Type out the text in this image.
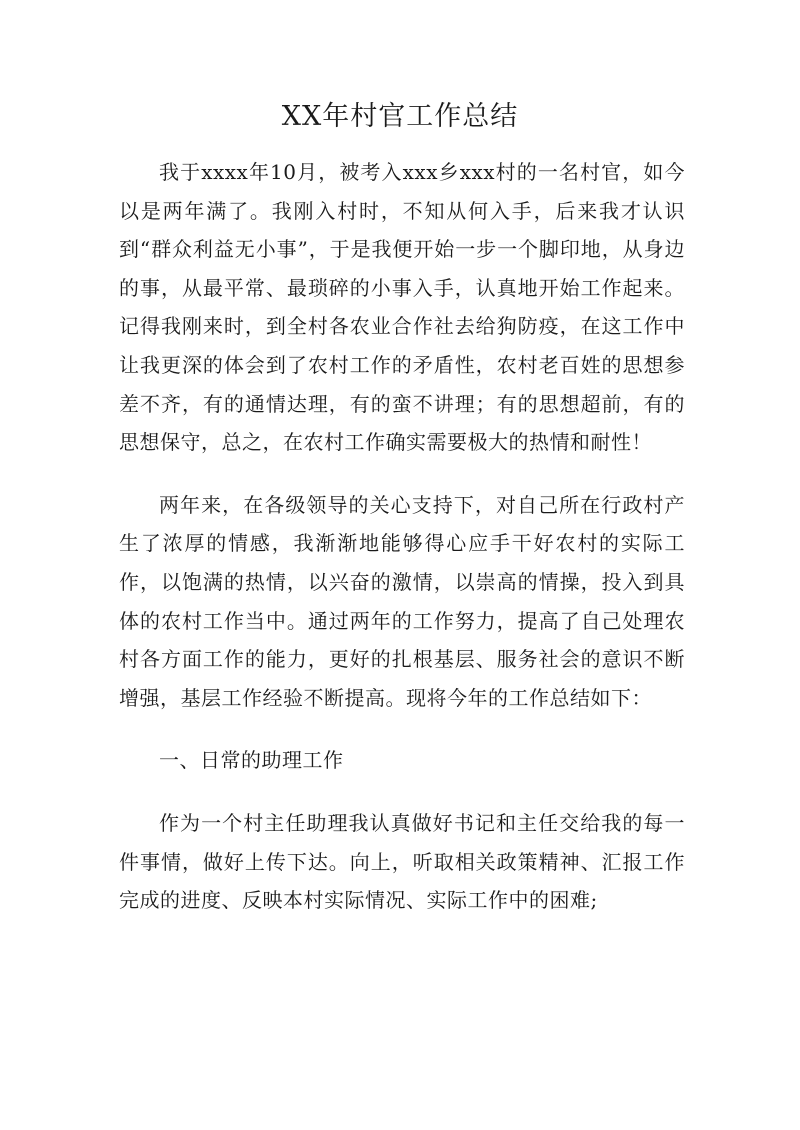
XX年村官工作总结

我于xxxx年10月，被考入xxx乡xxx村的一名村官，如今以是两年满了。我刚入村时，不知从何入手，后来我才认识到“群众利益无小事”，于是我便开始一步一个脚印地，从身边的事，从最平常、最琐碎的小事入手，认真地开始工作起来。记得我刚来时，到全村各农业合作社去给狗防疫，在这工作中让我更深的体会到了农村工作的矛盾性，农村老百姓的思想参差不齐，有的通情达理，有的蛮不讲理；有的思想超前，有的思想保守，总之，在农村工作确实需要极大的热情和耐性！

两年来，在各级领导的关心支持下，对自己所在行政村产生了浓厚的情感，我渐渐地能够得心应手干好农村的实际工作，以饱满的热情，以兴奋的激情，以崇高的情操，投入到具体的农村工作当中。通过两年的工作努力，提高了自己处理农村各方面工作的能力，更好的扎根基层、服务社会的意识不断增强，基层工作经验不断提高。现将今年的工作总结如下：

一、日常的助理工作

作为一个村主任助理我认真做好书记和主任交给我的每一件事情，做好上传下达。向上，听取相关政策精神、汇报工作完成的进度、反映本村实际情况、实际工作中的困难;
